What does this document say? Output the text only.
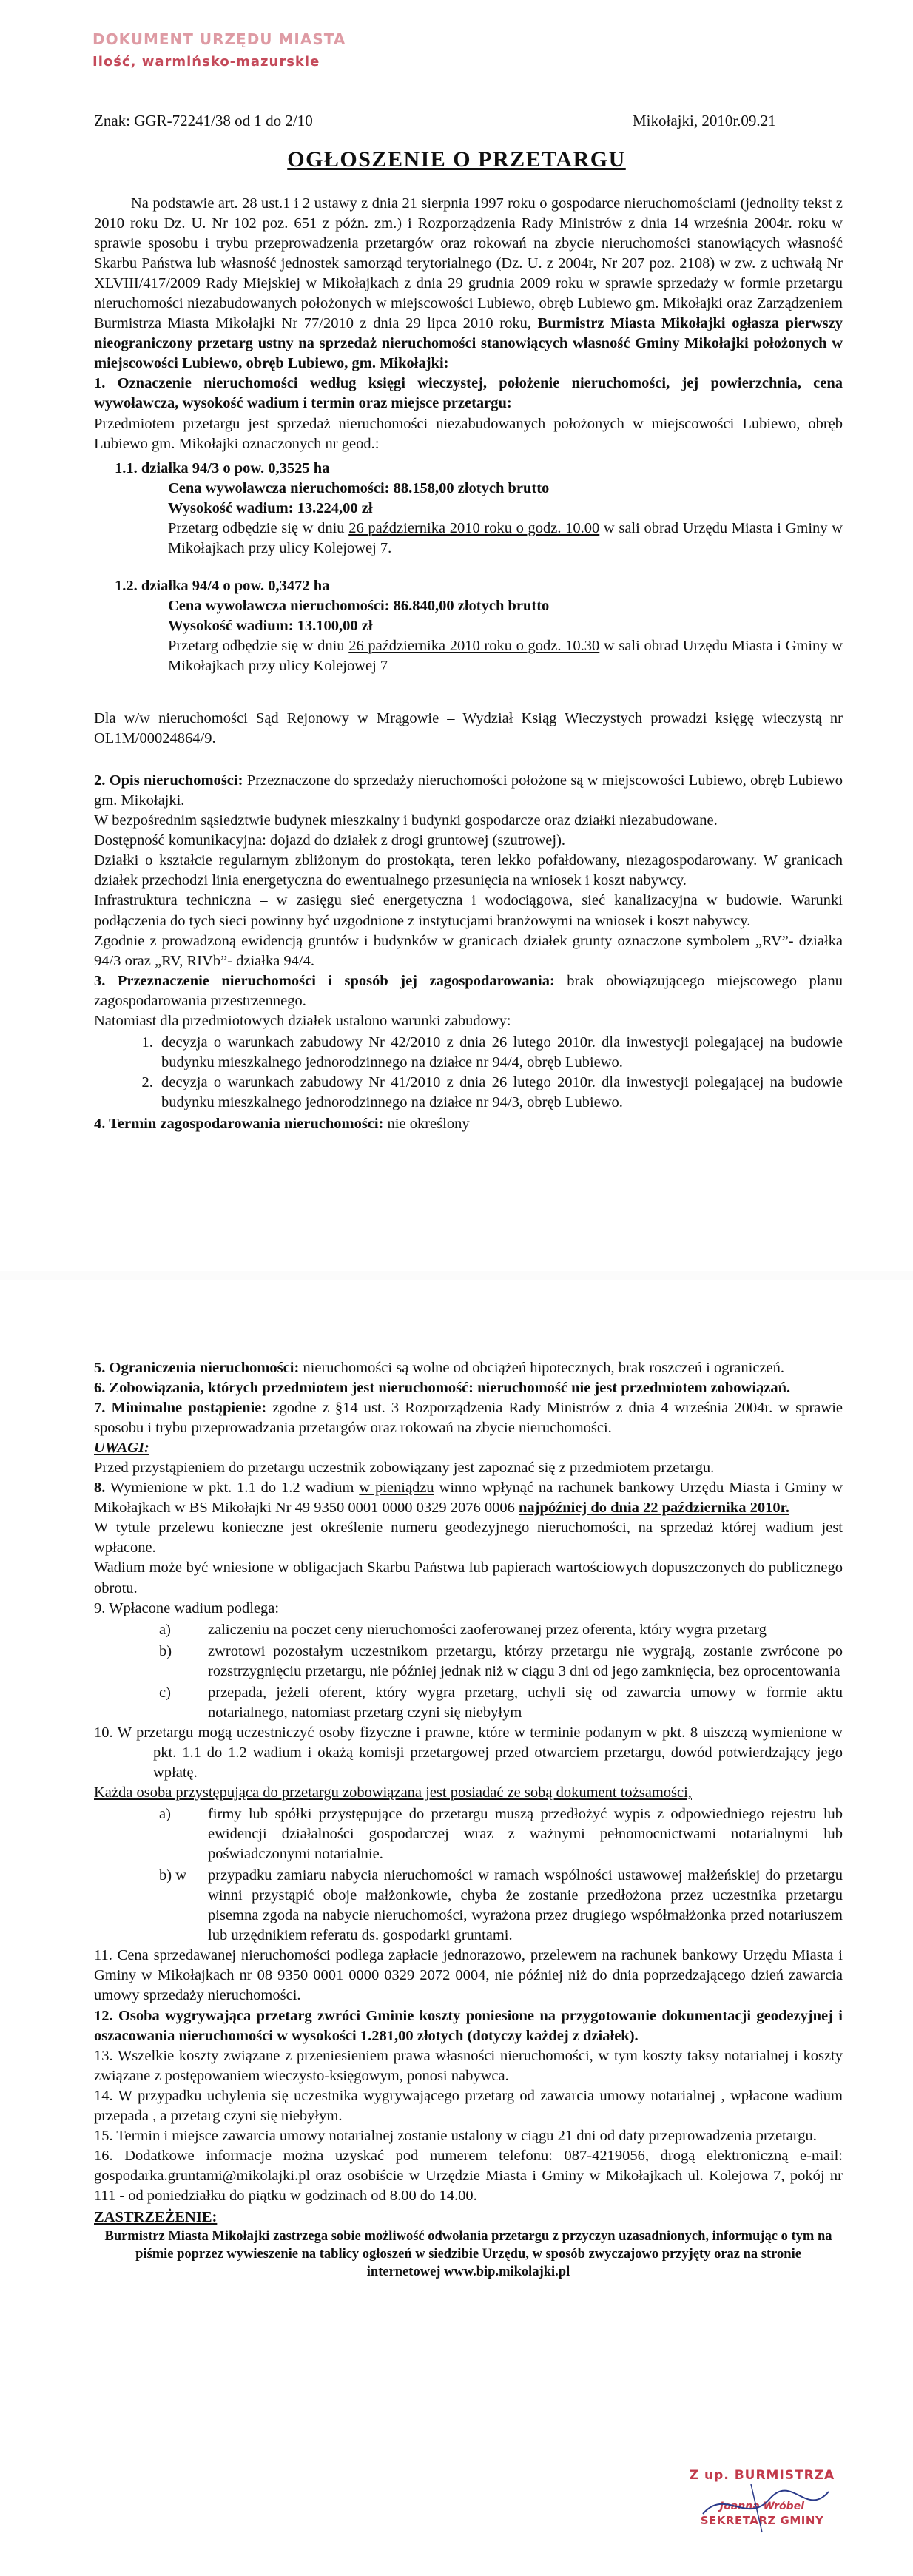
DOKUMENT URZĘDU MIASTA
Ilość, warmińsko-mazurskie
Znak: GGR-72241/38 od 1 do 2/10	Mikołajki, 2010r.09.21
OGŁOSZENIE O PRZETARGU

Na podstawie art. 28 ust.1 i 2 ustawy z dnia 21 sierpnia 1997 roku o gospodarce nieruchomościami (jednolity tekst z 2010 roku Dz. U. Nr 102 poz. 651 z późn. zm.) i Rozporządzenia Rady Ministrów z dnia 14 września 2004r. roku w sprawie sposobu i trybu przeprowadzenia przetargów oraz rokowań na zbycie nieruchomości stanowiących własność Skarbu Państwa lub własność jednostek samorząd terytorialnego (Dz. U. z 2004r, Nr 207 poz. 2108) w zw. z uchwałą Nr XLVIII/417/2009 Rady Miejskiej w Mikołajkach z dnia 29 grudnia 2009 roku w sprawie sprzedaży w formie przetargu nieruchomości niezabudowanych położonych w miejscowości Lubiewo, obręb Lubiewo gm. Mikołajki oraz Zarządzeniem Burmistrza Miasta Mikołajki Nr 77/2010 z dnia 29 lipca 2010 roku, Burmistrz Miasta Mikołajki ogłasza pierwszy nieograniczony przetarg ustny na sprzedaż nieruchomości stanowiących własność Gminy Mikołajki położonych w miejscowości Lubiewo, obręb Lubiewo, gm. Mikołajki:

1. Oznaczenie nieruchomości według księgi wieczystej, położenie nieruchomości, jej powierzchnia, cena wywoławcza, wysokość wadium i termin oraz miejsce przetargu:

Przedmiotem przetargu jest sprzedaż nieruchomości niezabudowanych położonych w miejscowości Lubiewo, obręb Lubiewo gm. Mikołajki oznaczonych nr geod.:

1.1. działka 94/3 o pow. 0,3525 ha
Cena wywoławcza nieruchomości: 88.158,00 złotych brutto
Wysokość wadium: 13.224,00 zł
Przetarg odbędzie się w dniu 26 października 2010 roku o godz. 10.00 w sali obrad Urzędu Miasta i Gminy w Mikołajkach przy ulicy Kolejowej 7.
1.2. działka 94/4 o pow. 0,3472 ha
Cena wywoławcza nieruchomości: 86.840,00 złotych brutto
Wysokość wadium: 13.100,00 zł
Przetarg odbędzie się w dniu 26 października 2010 roku o godz. 10.30 w sali obrad Urzędu Miasta i Gminy w Mikołajkach przy ulicy Kolejowej 7

Dla w/w nieruchomości Sąd Rejonowy w Mrągowie – Wydział Ksiąg Wieczystych prowadzi księgę wieczystą nr OL1M/00024864/9.

2. Opis nieruchomości: Przeznaczone do sprzedaży nieruchomości położone są w miejscowości Lubiewo, obręb Lubiewo gm. Mikołajki.

W bezpośrednim sąsiedztwie budynek mieszkalny i budynki gospodarcze oraz działki niezabudowane.

Dostępność komunikacyjna: dojazd do działek z drogi gruntowej (szutrowej).

Działki o kształcie regularnym zbliżonym do prostokąta, teren lekko pofałdowany, niezagospodarowany. W granicach działek przechodzi linia energetyczna do ewentualnego przesunięcia na wniosek i koszt nabywcy.

Infrastruktura techniczna – w zasięgu sieć energetyczna i wodociągowa, sieć kanalizacyjna w budowie. Warunki podłączenia do tych sieci powinny być uzgodnione z instytucjami branżowymi na wniosek i koszt nabywcy.

Zgodnie z prowadzoną ewidencją gruntów i budynków w granicach działek grunty oznaczone symbolem „RV”- działka 94/3 oraz „RV, RIVb”- działka 94/4.

3. Przeznaczenie nieruchomości i sposób jej zagospodarowania: brak obowiązującego miejscowego planu zagospodarowania przestrzennego.

Natomiast dla przedmiotowych działek ustalono warunki zabudowy:

1. decyzja o warunkach zabudowy Nr 42/2010 z dnia 26 lutego 2010r. dla inwestycji polegającej na budowie budynku mieszkalnego jednorodzinnego na działce nr 94/4, obręb Lubiewo.
2. decyzja o warunkach zabudowy Nr 41/2010 z dnia 26 lutego 2010r. dla inwestycji polegającej na budowie budynku mieszkalnego jednorodzinnego na działce nr 94/3, obręb Lubiewo.

4. Termin zagospodarowania nieruchomości: nie określony

5. Ograniczenia nieruchomości: nieruchomości są wolne od obciążeń hipotecznych, brak roszczeń i ograniczeń.

6. Zobowiązania, których przedmiotem jest nieruchomość: nieruchomość nie jest przedmiotem zobowiązań.

7. Minimalne postąpienie: zgodne z §14 ust. 3 Rozporządzenia Rady Ministrów z dnia 4 września 2004r. w sprawie sposobu i trybu przeprowadzania przetargów oraz rokowań na zbycie nieruchomości.

UWAGI:

Przed przystąpieniem do przetargu uczestnik zobowiązany jest zapoznać się z przedmiotem przetargu.

8. Wymienione w pkt. 1.1 do 1.2 wadium w pieniądzu winno wpłynąć na rachunek bankowy Urzędu Miasta i Gminy w Mikołajkach w BS Mikołajki Nr 49 9350 0001 0000 0329 2076 0006 najpóźniej do dnia 22 października 2010r.

W tytule przelewu konieczne jest określenie numeru geodezyjnego nieruchomości, na sprzedaż której wadium jest wpłacone.

Wadium może być wniesione w obligacjach Skarbu Państwa lub papierach wartościowych dopuszczonych do publicznego obrotu.

9. Wpłacone wadium podlega:

a)	zaliczeniu na poczet ceny nieruchomości zaoferowanej przez oferenta, który wygra przetarg
b)	zwrotowi pozostałym uczestnikom przetargu, którzy przetargu nie wygrają, zostanie zwrócone po rozstrzygnięciu przetargu, nie później jednak niż w ciągu 3 dni od jego zamknięcia, bez oprocentowania
c)	przepada, jeżeli oferent, który wygra przetarg, uchyli się od zawarcia umowy w formie aktu notarialnego, natomiast przetarg czyni się niebyłym

10. W przetargu mogą uczestniczyć osoby fizyczne i prawne, które w terminie podanym w pkt. 8 uiszczą wymienione w pkt. 1.1 do 1.2 wadium i okażą komisji przetargowej przed otwarciem przetargu, dowód potwierdzający jego wpłatę.

Każda osoba przystępująca do przetargu zobowiązana jest posiadać ze sobą dokument tożsamości,

a)	firmy lub spółki przystępujące do przetargu muszą przedłożyć wypis z odpowiedniego rejestru lub ewidencji działalności gospodarczej wraz z ważnymi pełnomocnictwami notarialnymi lub poświadczonymi notarialnie.
b) w	przypadku zamiaru nabycia nieruchomości w ramach wspólności ustawowej małżeńskiej do przetargu winni przystąpić oboje małżonkowie, chyba że zostanie przedłożona przez uczestnika przetargu pisemna zgoda na nabycie nieruchomości, wyrażona przez drugiego współmałżonka przed notariuszem lub urzędnikiem referatu ds. gospodarki gruntami.

11. Cena sprzedawanej nieruchomości podlega zapłacie jednorazowo, przelewem na rachunek bankowy Urzędu Miasta i Gminy w Mikołajkach nr 08 9350 0001 0000 0329 2072 0004, nie później niż do dnia poprzedzającego dzień zawarcia umowy sprzedaży nieruchomości.

12. Osoba wygrywająca przetarg zwróci Gminie koszty poniesione na przygotowanie dokumentacji geodezyjnej i oszacowania nieruchomości w wysokości 1.281,00 złotych (dotyczy każdej z działek).

13. Wszelkie koszty związane z przeniesieniem prawa własności nieruchomości, w tym koszty taksy notarialnej i koszty związane z postępowaniem wieczysto-księgowym, ponosi nabywca.

14. W przypadku uchylenia się uczestnika wygrywającego przetarg od zawarcia umowy notarialnej , wpłacone wadium przepada , a przetarg czyni się niebyłym.

15. Termin i miejsce zawarcia umowy notarialnej zostanie ustalony w ciągu 21 dni od daty przeprowadzenia przetargu.

16. Dodatkowe informacje można uzyskać pod numerem telefonu: 087-4219056, drogą elektroniczną e-mail: gospodarka.gruntami@mikolajki.pl oraz osobiście w Urzędzie Miasta i Gminy w Mikołajkach ul. Kolejowa 7, pokój nr 111 - od poniedziałku do piątku w godzinach od 8.00 do 14.00.

ZASTRZEŻENIE:
Burmistrz Miasta Mikołajki zastrzega sobie możliwość odwołania przetargu z przyczyn uzasadnionych, informując o tym na piśmie poprzez wywieszenie na tablicy ogłoszeń w siedzibie Urzędu, w sposób zwyczajowo przyjęty oraz na stronie internetowej www.bip.mikolajki.pl
Z up. BURMISTRZA
Joanna Wróbel
SEKRETARZ GMINY
